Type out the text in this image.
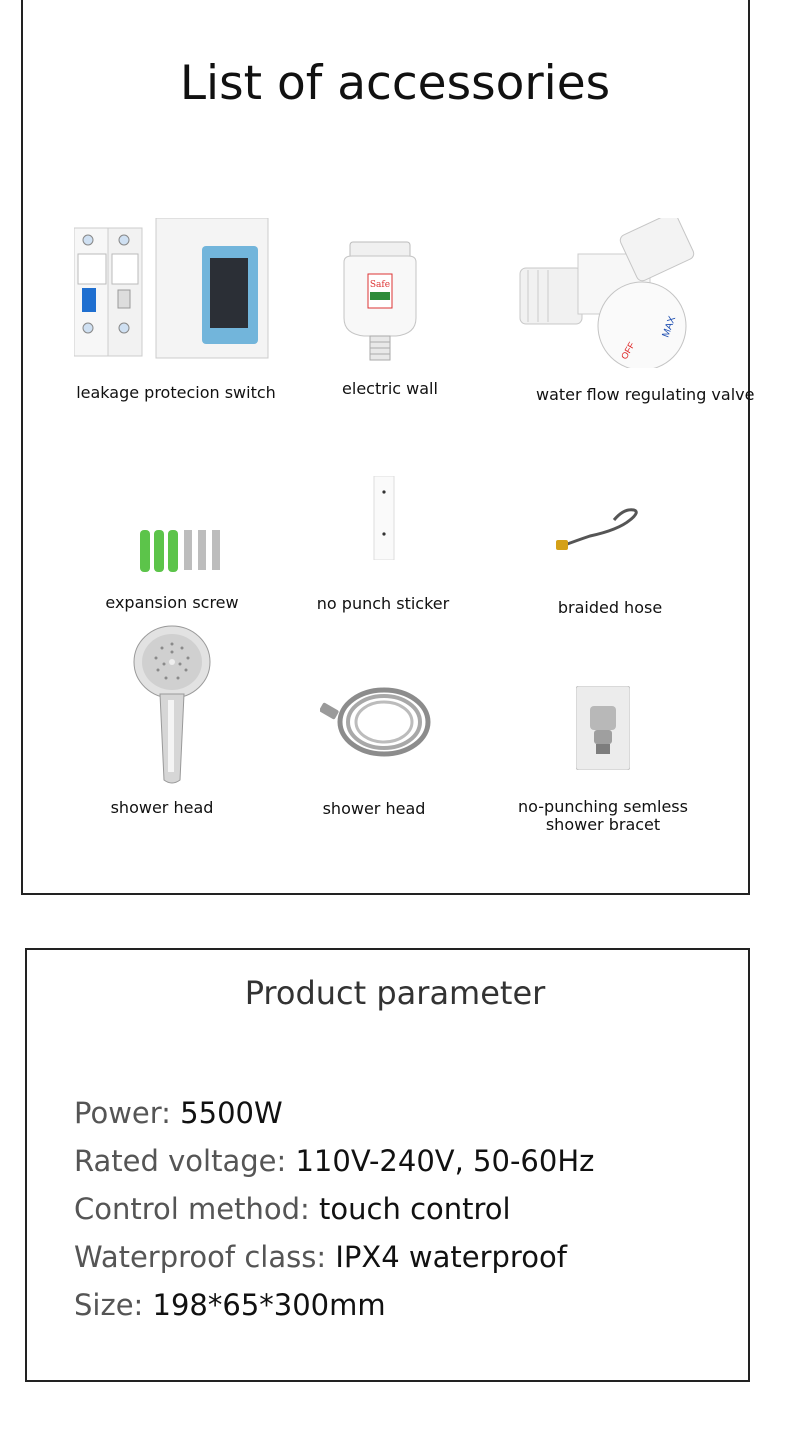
List of accessories
leakage protecion switch
Safe
electric wall
MAX
OFF
water flow regulating valve
expansion screw	no punch sticker	braided hose
shower head	shower head	no-punching semless shower bracet
Product parameter
Power: 5500W
Rated voltage: 110V-240V, 50-60Hz
Control method: touch control
Waterproof class: IPX4 waterproof
Size: 198*65*300mm
